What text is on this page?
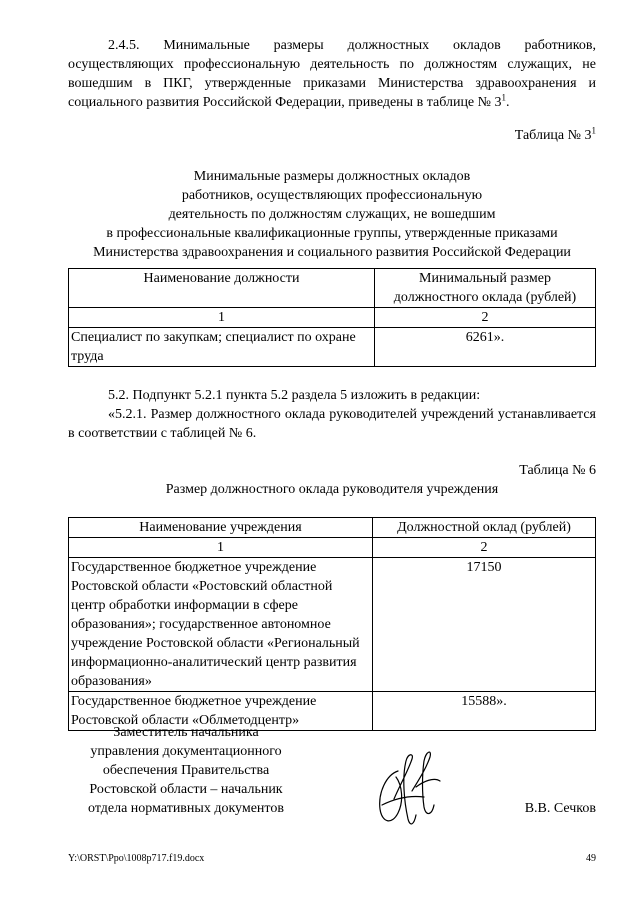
2.4.5. Минимальные размеры должностных окладов работников, осуществляющих профессиональную деятельность по должностям служащих, не вошедшим в ПКГ, утвержденные приказами Министерства здравоохранения и социального развития Российской Федерации, приведены в таблице № $3^1$.

Таблица № $3^1$

Минимальные размеры должностных окладов
работников, осуществляющих профессиональную
деятельность по должностям служащих, не вошедшим
в профессиональные квалификационные группы, утвержденные приказами
Министерства здравоохранения и социального развития Российской Федерации
Наименование должности	Минимальный размер должностного оклада (рублей)
1	2
Специалист по закупкам; специалист по охране труда	6261».

5.2. Подпункт 5.2.1 пункта 5.2 раздела 5 изложить в редакции:

«5.2.1. Размер должностного оклада руководителей учреждений устанавливается в соответствии с таблицей № 6.

Таблица № 6

Размер должностного оклада руководителя учреждения

Наименование учреждения	Должностной оклад (рублей)
1	2
Государственное бюджетное учреждение Ростовской области «Ростовский областной центр обработки информации в сфере образования»; государственное автономное учреждение Ростовской области «Региональный информационно-аналитический центр развития образования»	17150
Государственное бюджетное учреждение Ростовской области «Облметодцентр»	15588».
Заместитель начальника
управления документационного
обеспечения Правительства
Ростовской области – начальник
отдела нормативных документов	В.В. Сечков
Y:\ORST\Ppo\1008p717.f19.docx	49
